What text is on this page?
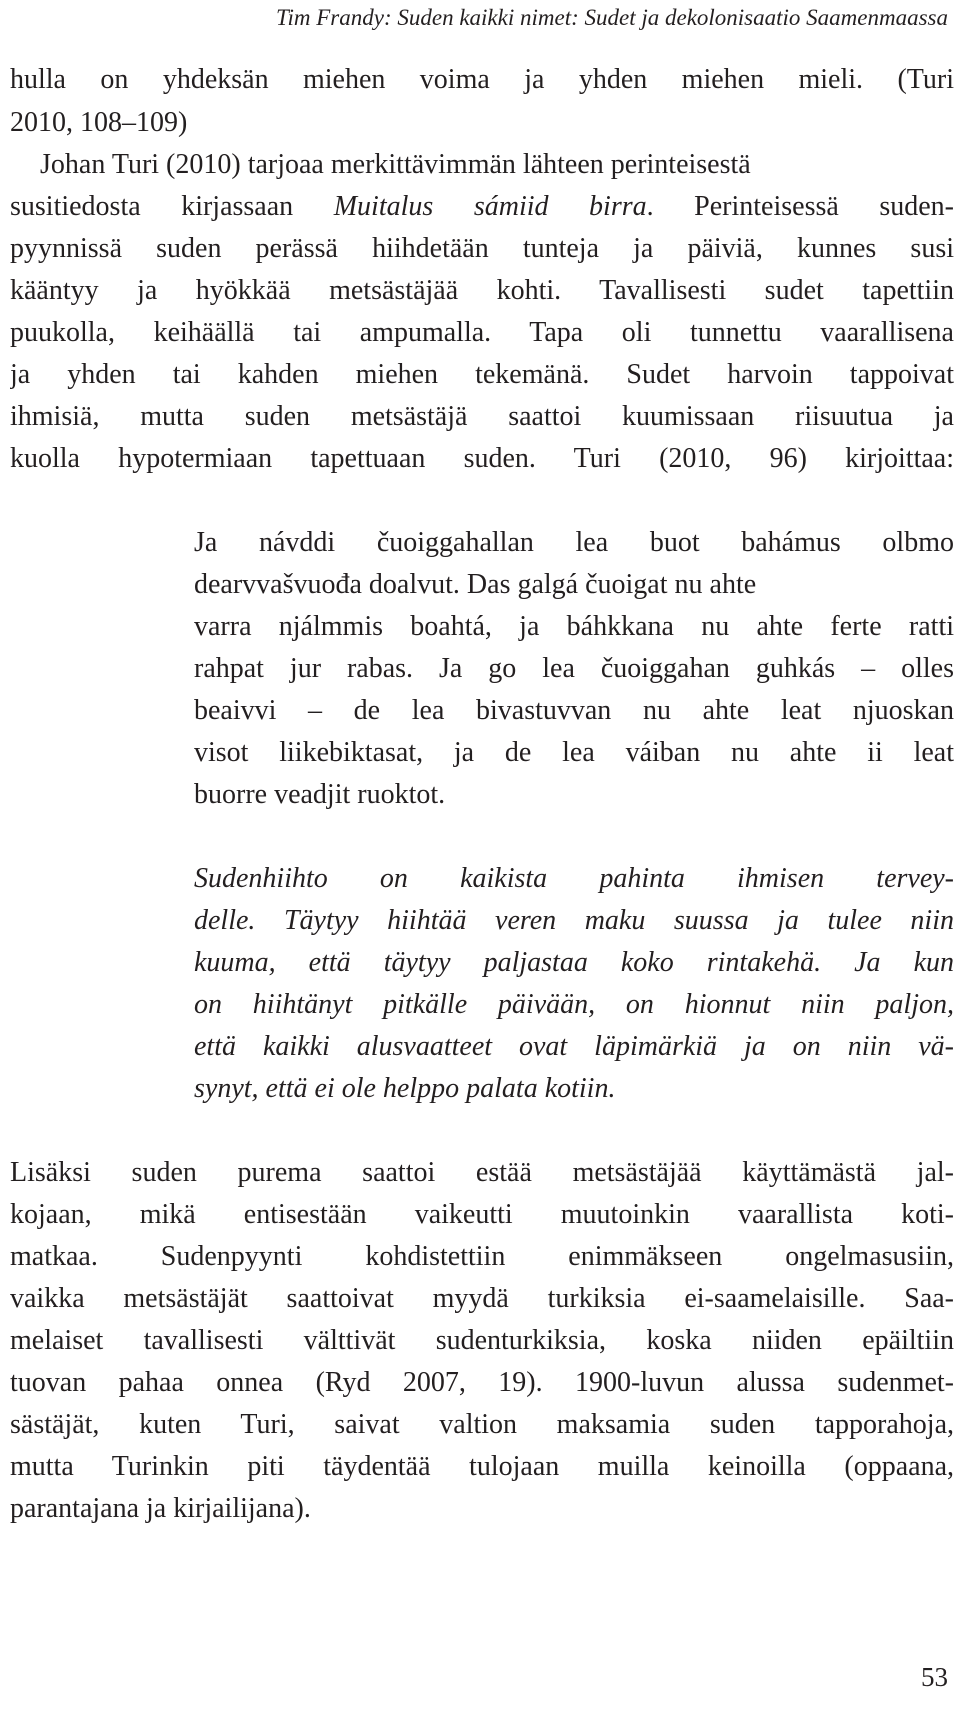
Tim Frandy: Suden kaikki nimet: Sudet ja dekolonisaatio Saamenmaassa
hulla on yhdeksän miehen voima ja yhden miehen mieli. (Turi
2010, 108–109)
Johan Turi (2010) tarjoaa merkittävimmän lähteen perinteisestä
susitiedosta kirjassaan Muitalus sámiid birra. Perinteisessä suden-
pyynnissä suden perässä hiihdetään tunteja ja päiviä, kunnes susi
kääntyy ja hyökkää metsästäjää kohti. Tavallisesti sudet tapettiin
puukolla, keihäällä tai ampumalla. Tapa oli tunnettu vaarallisena
ja yhden tai kahden miehen tekemänä. Sudet harvoin tappoivat
ihmisiä, mutta suden metsästäjä saattoi kuumissaan riisuutua ja
kuolla hypotermiaan tapettuaan suden. Turi (2010, 96) kirjoittaa:
Ja návddi čuoiggahallan lea buot bahámus olbmo
dearvvašvuođa doalvut. Das galgá čuoigat nu ahte
varra njálmmis boahtá, ja báhkkana nu ahte ferte ratti
rahpat jur rabas. Ja go lea čuoiggahan guhkás – olles
beaivvi – de lea bivastuvvan nu ahte leat njuoskan
visot liikebiktasat, ja de lea váiban nu ahte ii leat
buorre veadjit ruoktot.
Sudenhiihto on kaikista pahinta ihmisen tervey-
delle. Täytyy hiihtää veren maku suussa ja tulee niin
kuuma, että täytyy paljastaa koko rintakehä. Ja kun
on hiihtänyt pitkälle päivään, on hionnut niin paljon,
että kaikki alusvaatteet ovat läpimärkiä ja on niin vä-
synyt, että ei ole helppo palata kotiin.
Lisäksi suden purema saattoi estää metsästäjää käyttämästä jal-
kojaan, mikä entisestään vaikeutti muutoinkin vaarallista koti-
matkaa. Sudenpyynti kohdistettiin enimmäkseen ongelmasusiin,
vaikka metsästäjät saattoivat myydä turkiksia ei-saamelaisille. Saa-
melaiset tavallisesti välttivät sudenturkiksia, koska niiden epäiltiin
tuovan pahaa onnea (Ryd 2007, 19). 1900-luvun alussa sudenmet-
sästäjät, kuten Turi, saivat valtion maksamia suden tapporahoja,
mutta Turinkin piti täydentää tulojaan muilla keinoilla (oppaana,
parantajana ja kirjailijana).
53
